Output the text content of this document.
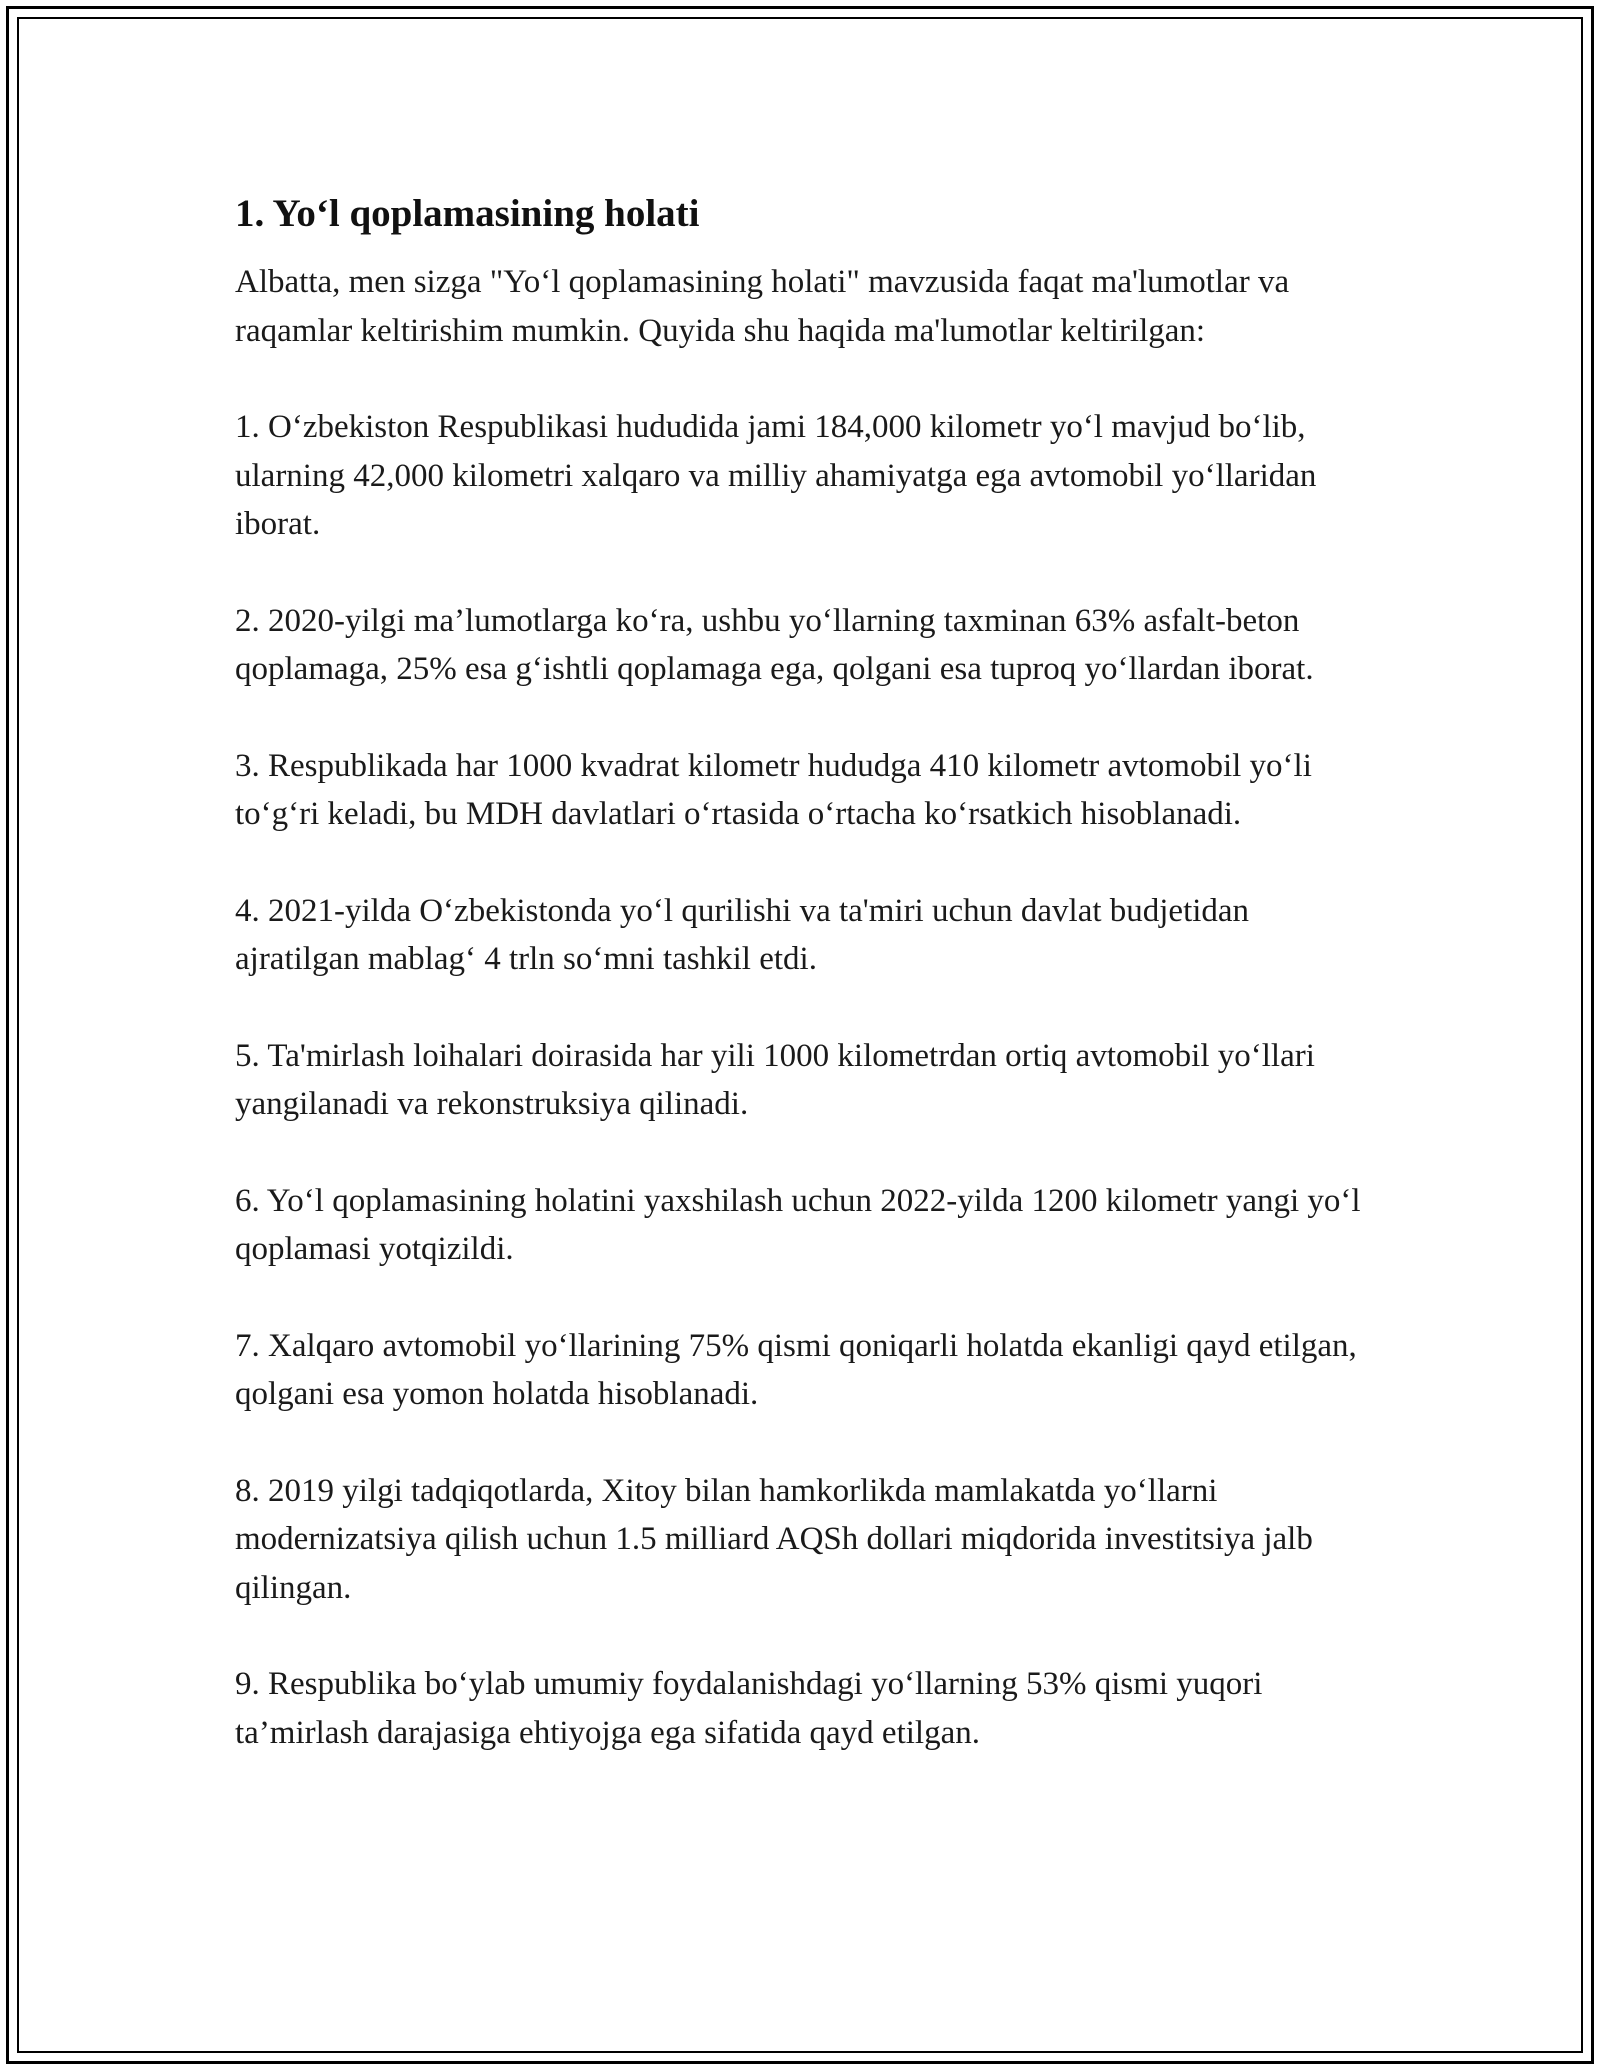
1. Yo‘l qoplamasining holati

Albatta, men sizga "Yo‘l qoplamasining holati" mavzusida faqat ma'lumotlar va raqamlar keltirishim mumkin. Quyida shu haqida ma'lumotlar keltirilgan:

1. O‘zbekiston Respublikasi hududida jami 184,000 kilometr yo‘l mavjud bo‘lib, ularning 42,000 kilometri xalqaro va milliy ahamiyatga ega avtomobil yo‘llaridan iborat.

2. 2020-yilgi ma’lumotlarga ko‘ra, ushbu yo‘llarning taxminan 63% asfalt-beton qoplamaga, 25% esa g‘ishtli qoplamaga ega, qolgani esa tuproq yo‘llardan iborat.

3. Respublikada har 1000 kvadrat kilometr hududga 410 kilometr avtomobil yo‘li to‘g‘ri keladi, bu MDH davlatlari o‘rtasida o‘rtacha ko‘rsatkich hisoblanadi.

4. 2021-yilda O‘zbekistonda yo‘l qurilishi va ta'miri uchun davlat budjetidan ajratilgan mablag‘ 4 trln so‘mni tashkil etdi.

5. Ta'mirlash loihalari doirasida har yili 1000 kilometrdan ortiq avtomobil yo‘llari yangilanadi va rekonstruksiya qilinadi.

6. Yo‘l qoplamasining holatini yaxshilash uchun 2022-yilda 1200 kilometr yangi yo‘l qoplamasi yotqizildi.

7. Xalqaro avtomobil yo‘llarining 75% qismi qoniqarli holatda ekanligi qayd etilgan, qolgani esa yomon holatda hisoblanadi.

8. 2019 yilgi tadqiqotlarda, Xitoy bilan hamkorlikda mamlakatda yo‘llarni modernizatsiya qilish uchun 1.5 milliard AQSh dollari miqdorida investitsiya jalb qilingan.

9. Respublika bo‘ylab umumiy foydalanishdagi yo‘llarning 53% qismi yuqori ta’mirlash darajasiga ehtiyojga ega sifatida qayd etilgan.
